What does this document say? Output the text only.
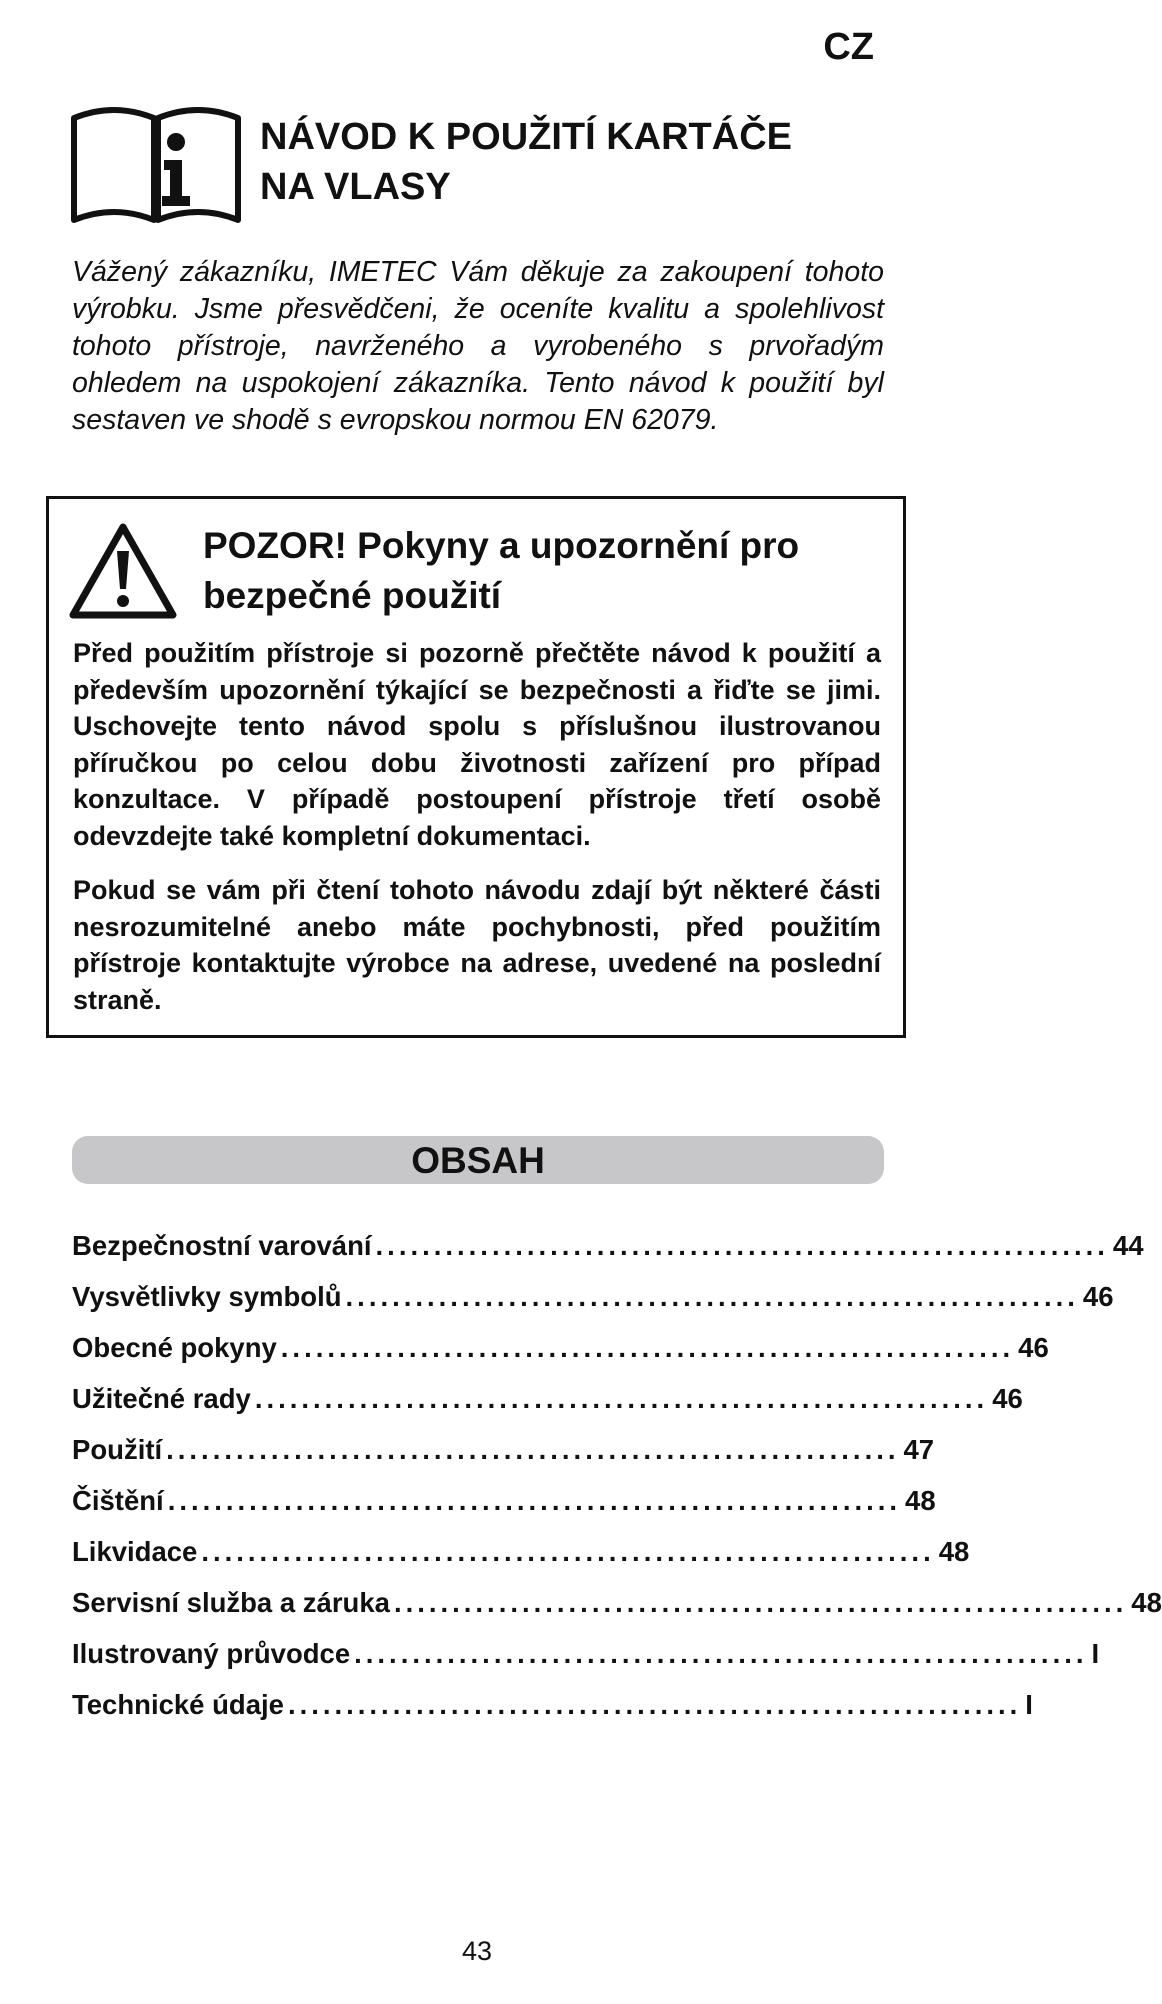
CZ
NÁVOD K POUŽITÍ KARTÁČE
NA VLASY
Vážený zákazníku, IMETEC Vám děkuje za zakoupení tohoto výrobku. Jsme přesvědčeni, že oceníte kvalitu a spolehlivost tohoto přístroje, navrženého a vyrobeného s prvořadým ohledem na uspokojení zákazníka. Tento návod k použití byl sestaven ve shodě s evropskou normou EN 62079.
POZOR! Pokyny a upozornění pro
bezpečné použití

Před použitím přístroje si pozorně přečtěte návod k použití a především upozornění týkající se bezpečnosti a řiďte se jimi. Uschovejte tento návod spolu s příslušnou ilustrovanou příručkou po celou dobu životnosti zařízení pro případ konzultace. V případě postoupení přístroje třetí osobě odevzdejte také kompletní dokumentaci.

Pokud se vám při čtení tohoto návodu zdají být některé části nesrozumitelné anebo máte pochybnosti, před použitím přístroje kontaktujte výrobce na adrese, uvedené na poslední straně.

OBSAH
Bezpečnostní varování ............................................................... 44
Vysvětlivky symbolů ............................................................... 46
Obecné pokyny ............................................................... 46
Užitečné rady ............................................................... 46
Použití ............................................................... 47
Čištění ............................................................... 48
Likvidace ............................................................... 48
Servisní služba a záruka ............................................................... 48
Ilustrovaný průvodce ............................................................... I
Technické údaje ............................................................... I
43
